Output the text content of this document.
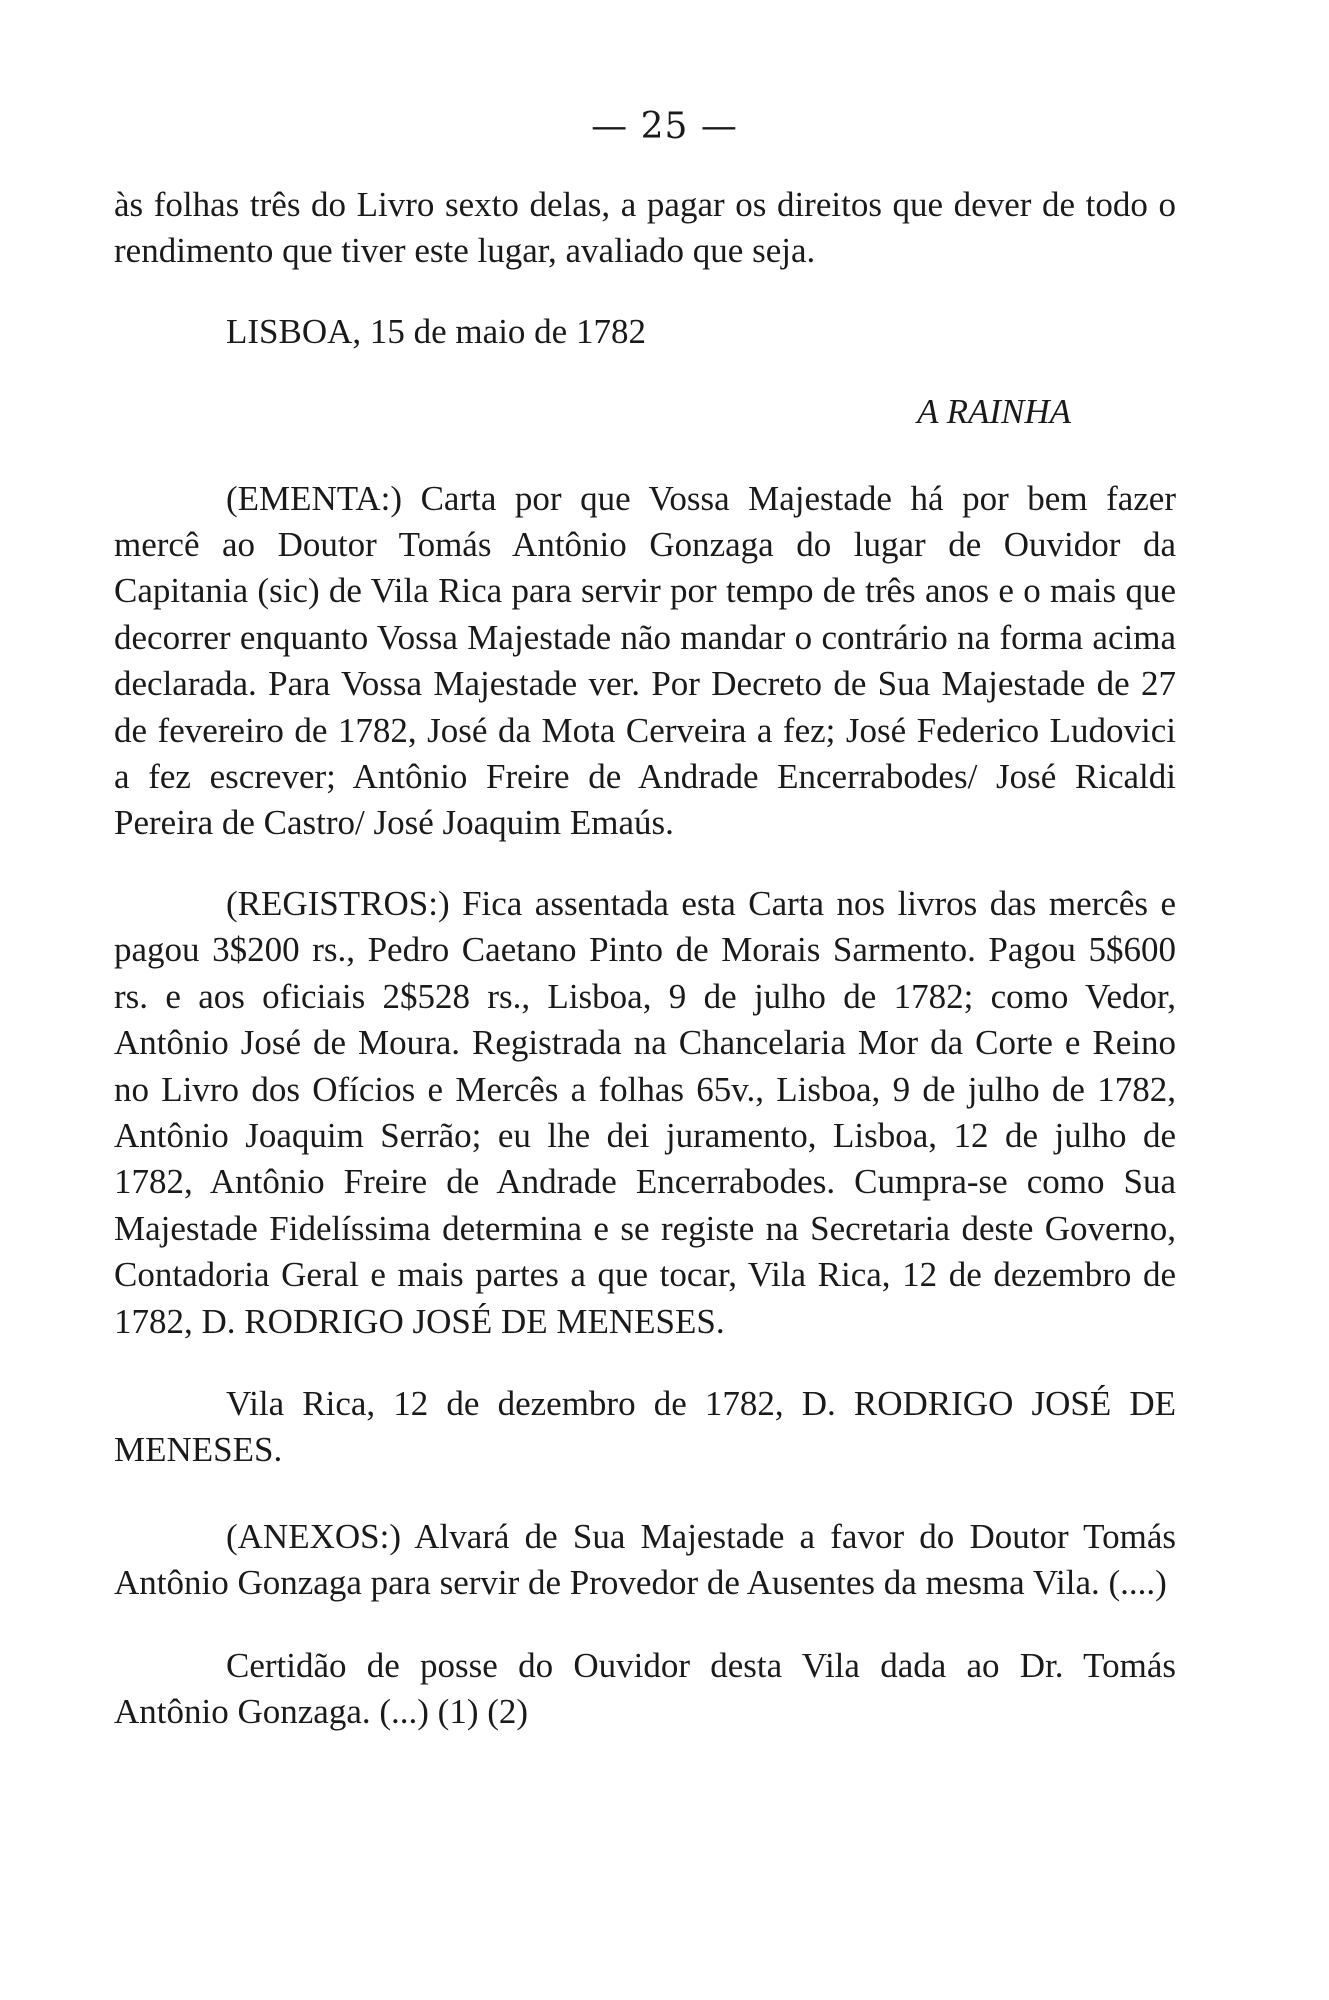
— 25 —

às folhas três do Livro sexto delas, a pagar os direitos que dever de todo o rendimento que tiver este lugar, avaliado que seja.

LISBOA, 15 de maio de 1782

A RAINHA

(EMENTA:) Carta por que Vossa Majestade há por bem fazer mercê ao Doutor Tomás Antônio Gonzaga do lugar de Ouvidor da Capitania (sic) de Vila Rica para servir por tempo de três anos e o mais que decorrer enquanto Vossa Majestade não mandar o contrário na forma acima declarada. Para Vossa Majestade ver. Por Decreto de Sua Majestade de 27 de fevereiro de 1782, José da Mota Cerveira a fez; José Federico Ludovici a fez escrever; Antônio Freire de Andrade Encerrabodes/ José Ricaldi Pereira de Castro/ José Joaquim Emaús.

(REGISTROS:) Fica assentada esta Carta nos livros das mercês e pagou 3$200 rs., Pedro Caetano Pinto de Morais Sarmento. Pagou 5$600 rs. e aos oficiais 2$528 rs., Lisboa, 9 de julho de 1782; como Vedor, Antônio José de Moura. Registrada na Chancelaria Mor da Corte e Reino no Livro dos Ofícios e Mercês a folhas 65v., Lisboa, 9 de julho de 1782, Antônio Joaquim Serrão; eu lhe dei juramento, Lisboa, 12 de julho de 1782, Antônio Freire de Andrade Encerrabodes. Cumpra-se como Sua Majestade Fidelíssima determina e se registe na Secretaria deste Governo, Contadoria Geral e mais partes a que tocar, Vila Rica, 12 de dezembro de 1782, D. RODRIGO JOSÉ DE MENESES.

Vila Rica, 12 de dezembro de 1782, D. RODRIGO JOSÉ DE MENESES.

(ANEXOS:) Alvará de Sua Majestade a favor do Doutor Tomás Antônio Gonzaga para servir de Provedor de Ausentes da mesma Vila. (....)

Certidão de posse do Ouvidor desta Vila dada ao Dr. Tomás Antônio Gonzaga. (...) (1) (2)
